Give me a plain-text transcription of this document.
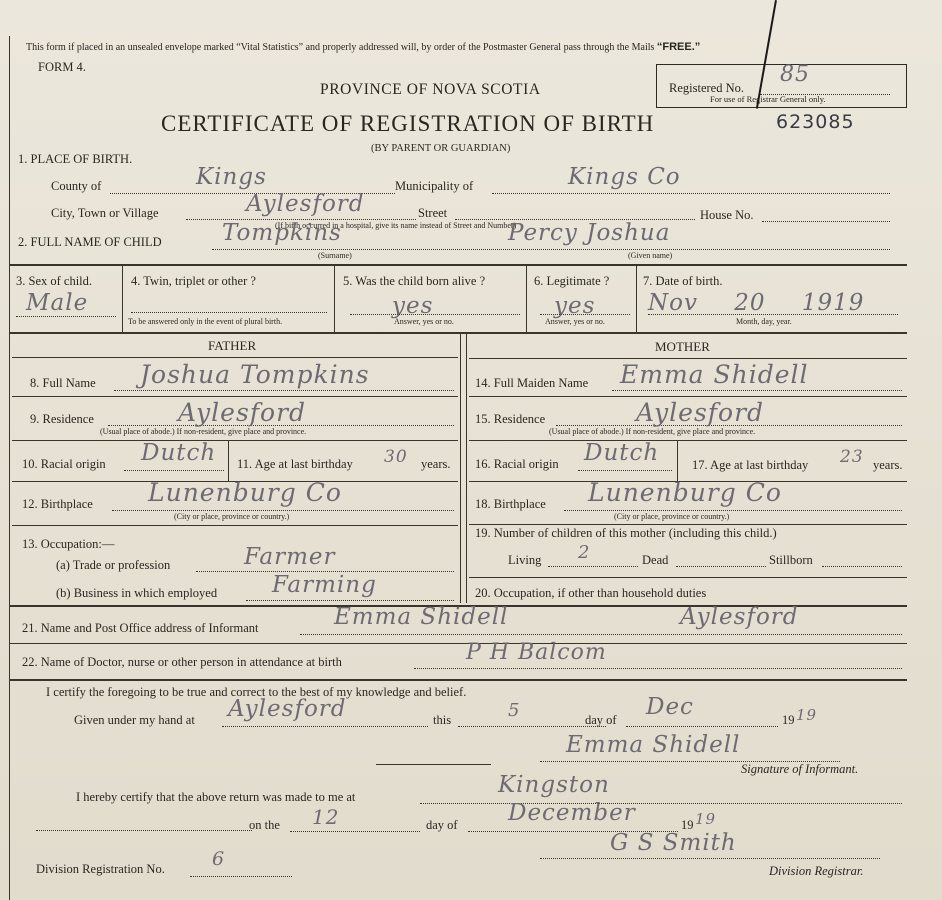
This form if placed in an unsealed envelope marked “Vital Statistics” and properly addressed will, by order of the Postmaster General pass through the Mails “FREE.”
FORM 4.
Registered No.
85
For use of Registrar General only.
PROVINCE OF NOVA SCOTIA
CERTIFICATE OF REGISTRATION OF BIRTH	623085
(BY PARENT OR GUARDIAN)
1. PLACE OF BIRTH.
County of	Kings	Municipality of	Kings Co
City, Town or Village	Aylesford	Street	House No.
(If birth occurred in a hospital, give its name instead of Street and Number)
2. FULL NAME OF CHILD	Tompkins	Percy Joshua
(Surname)	(Given name)
3. Sex of child.
Male
4. Twin, triplet or other ?
To be answered only in the event of plural birth.
5. Was the child born alive ?
yes
Answer, yes or no.
6. Legitimate ?
yes
Answer, yes or no.
7. Date of birth.
Nov 20 1919
Month, day, year.
FATHER	MOTHER
8. Full Name Joshua Tompkins
9. Residence	Aylesford
(Usual place of abode.) If non-resident, give place and province.
10. Racial origin Dutch 11. Age at last birthday 30 years.
12. Birthplace Lunenburg Co
(City or place, province or country.)
13. Occupation:—
(a) Trade or profession	Farmer
(b) Business in which employed Farming
14. Full Maiden Name Emma Shidell
15. Residence	Aylesford
(Usual place of abode.) If non-resident, give place and province.
16. Racial origin Dutch	17. Age at last birthday 23 years.
18. Birthplace Lunenburg Co
(City or place, province or country.)
19. Number of children of this mother (including this child.)
Living 2	Dead	Stillborn
20. Occupation, if other than household duties
21. Name and Post Office address of Informant	Emma Shidell	Aylesford
22. Name of Doctor, nurse or other person in attendance at birth	P H Balcom
I certify the foregoing to be true and correct to the best of my knowledge and belief.
Given under my hand at Aylesford	this	5	day of Dec	19 19
Emma Shidell
Signature of Informant.
I hereby certify that the above return was made to me at	Kingston
on the 12	day of December	19 19
G S Smith
Division Registration No. 6
Division Registrar.
